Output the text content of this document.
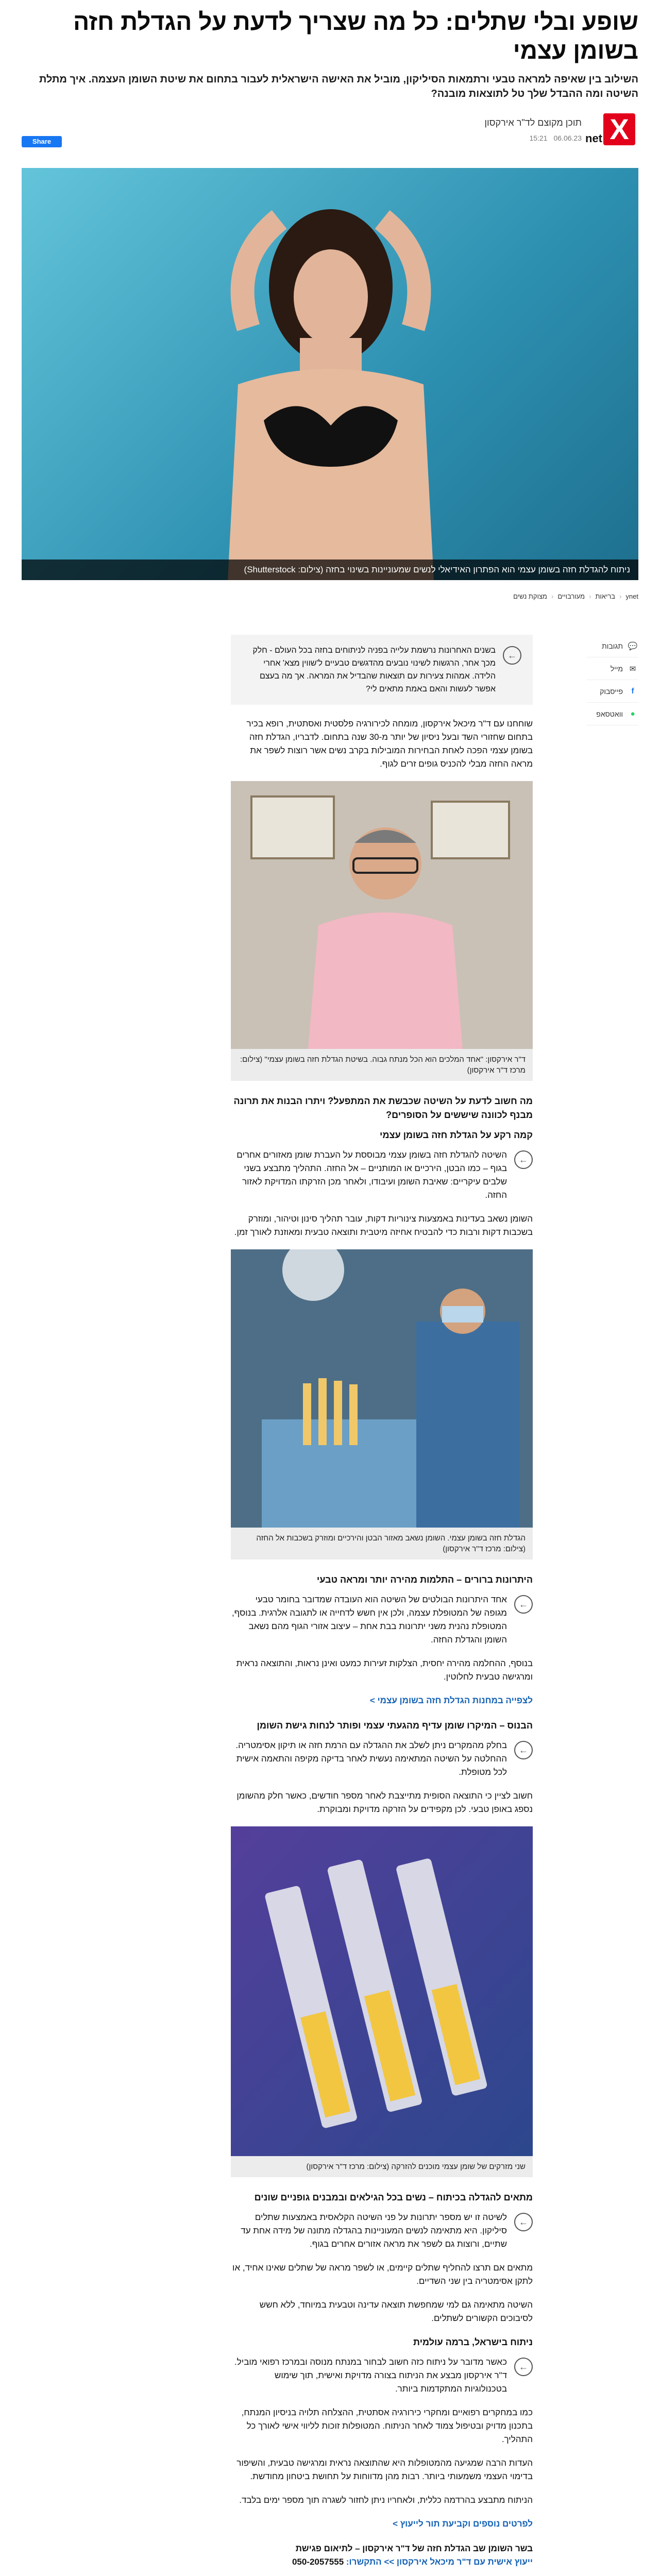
שופע ובלי שתלים: כל מה שצריך לדעת על הגדלת חזה בשומן עצמי
השילוב בין שאיפה למראה טבעי ורתמאות הסיליקון, מוביל את האישה הישראלית לעבור בתחום את שיטת השומן העצמה. איך מתלת השיטה ומה ההבדל שלך טל לתוצאות מובנה?
X
net
תוכן מקוצם לד"ר אירקסון
06.06.23
15:21
Share
ניתוח להגדלת חזה בשומן עצמי הוא הפתרון האידיאלי לנשים שמעוניינות בשינוי בחזה (צילום: Shutterstock)
ynet
‹
בריאות
‹
מעורבויים
‹
מצוקת נשים
💬
תגובות
✉
מייל
f
פייסבוק
●
וואטסאפ
←
בשנים האחרונות נרשמת עלייה בפניה לניתוחים בחזה בכל העולם - חלק מכך אחר, הרגשות לשינוי נובעים מהדגשים טבעיים ל'שווין מצא' אחרי הלידה. אמהות צעירות עם תוצאות שהבדיל את המראה. אך מה בעצם אפשר לעשות והאם באמת מתאים לי?

שוחחנו עם ד"ר מיכאל אירקסון, מומחה לכירורגיה פלסטית ואסתטית, רופא בכיר בתחום שחזורי השד ובעל ניסיון של יותר מ-30 שנה בתחום. לדבריו, הגדלת חזה בשומן עצמי הפכה לאחת הבחירות המובילות בקרב נשים אשר רוצות לשפר את מראה החזה מבלי להכניס גופים זרים לגוף.

ד"ר אירקסון: "אחד המלכים הוא הכל מנתח גבוה. בשיטת הגדלת חזה בשומן עצמי" (צילום: מרכז ד"ר אירקסון)
מה חשוב לדעת על השיטה שכבשת את המתפעל? ויתרו הבנות את תרונה מבנף לכוונה שיששים על הסופרים?
קמה רקע על הגדלת חזה בשומן עצמי
←
השיטה להגדלת חזה בשומן עצמי מבוססת על העברת שומן מאזורים אחרים בגוף – כמו הבטן, הירכיים או המותניים – אל החזה. התהליך מתבצע בשני שלבים עיקריים: שאיבת השומן ועיבודו, ולאחר מכן הזרקתו המדויקת לאזור החזה.

השומן נשאב בעדינות באמצעות צינוריות דקות, עובר תהליך סינון וטיהור, ומוזרק בשכבות דקות ורבות כדי להבטיח אחיזה מיטבית ותוצאה טבעית ומאוזנת לאורך זמן.

הגדלת חזה בשומן עצמי. השומן נשאב מאזור הבטן והירכיים ומוזרק בשכבות אל החזה (צילום: מרכז ד"ר אירקסון)
היתרונות ברורים – התלמות מהירה יותר ומראה טבעי
←
אחד היתרונות הבולטים של השיטה הוא העובדה שמדובר בחומר טבעי מגופה של המטופלת עצמה, ולכן אין חשש לדחייה או לתגובה אלרגית. בנוסף, המטופלת נהנית משני יתרונות בבת אחת – עיצוב אזורי הגוף מהם נשאב השומן והגדלת החזה.

בנוסף, ההחלמה מהירה יחסית, הצלקות זעירות כמעט ואינן נראות, והתוצאה נראית ומרגישה טבעית לחלוטין.

לצפייה במחנות הגדלת חזה בשומן עצמי >
הבנוס – המיקרו שומן עדיף מהגעתי עצמי ופותר לנחות גישת השומן
←
בחלק מהמקרים ניתן לשלב את ההגדלה עם הרמת חזה או תיקון אסימטריה. ההחלטה על השיטה המתאימה נעשית לאחר בדיקה מקיפה והתאמה אישית לכל מטופלת.

חשוב לציין כי התוצאה הסופית מתייצבת לאחר מספר חודשים, כאשר חלק מהשומן נספג באופן טבעי. לכן מקפידים על הזרקה מדויקת ומבוקרת.

שני מזרקים של שומן עצמי מוכנים להזרקה (צילום: מרכז ד"ר אירקסון)
מתאים להגדלה בכיתוח – נשים בכל הגילאים ובמבנים גופניים שונים
←
לשיטה זו יש מספר יתרונות על פני השיטה הקלאסית באמצעות שתלים סיליקון. היא מתאימה לנשים המעוניינות בהגדלה מתונה של מידה אחת עד שתיים, ורוצות גם לשפר את מראה אזורים אחרים בגוף.

מתאים אם תרצו להחליף שתלים קיימים, או לשפר מראה של שתלים שאינו אחיד, או לתקן אסימטריה בין שני השדיים.

השיטה מתאימה גם למי שמחפשת תוצאה עדינה וטבעית במיוחד, ללא חשש לסיבוכים הקשורים לשתלים.

ניתוח בישראל, ברמה עולמית
←
כאשר מדובר על ניתוח כזה חשוב לבחור במנתח מנוסה ובמרכז רפואי מוביל. ד"ר אירקסון מבצע את הניתוח בצורה מדויקת ואישית, תוך שימוש בטכנולוגיות המתקדמות ביותר.

כמו במחקרים רפואיים ומחקרי כירורגיה אסתטית, ההצלחה תלויה בניסיון המנתח, בתכנון מדויק ובטיפול צמוד לאחר הניתוח. המטופלות זוכות לליווי אישי לאורך כל התהליך.

העדות הרבה שמגיעה מהמטופלות היא שהתוצאה נראית ומרגישה טבעית, והשיפור בדימוי העצמי משמעותי ביותר. רבות מהן מדווחות על תחושת ביטחון מחודשת.

הניתוח מתבצע בהרדמה כללית, ולאחריו ניתן לחזור לשגרה תוך מספר ימים בלבד.

לפרטים נוספים וקביעת תור לייעוץ >
בשר השומן שב הגדלת חזה של ד"ר אירקסון – לתיאום פגישת
ייעוץ אישית עם ד"ר מיכאל אירקסון >> התקשרו: 050-2057555
